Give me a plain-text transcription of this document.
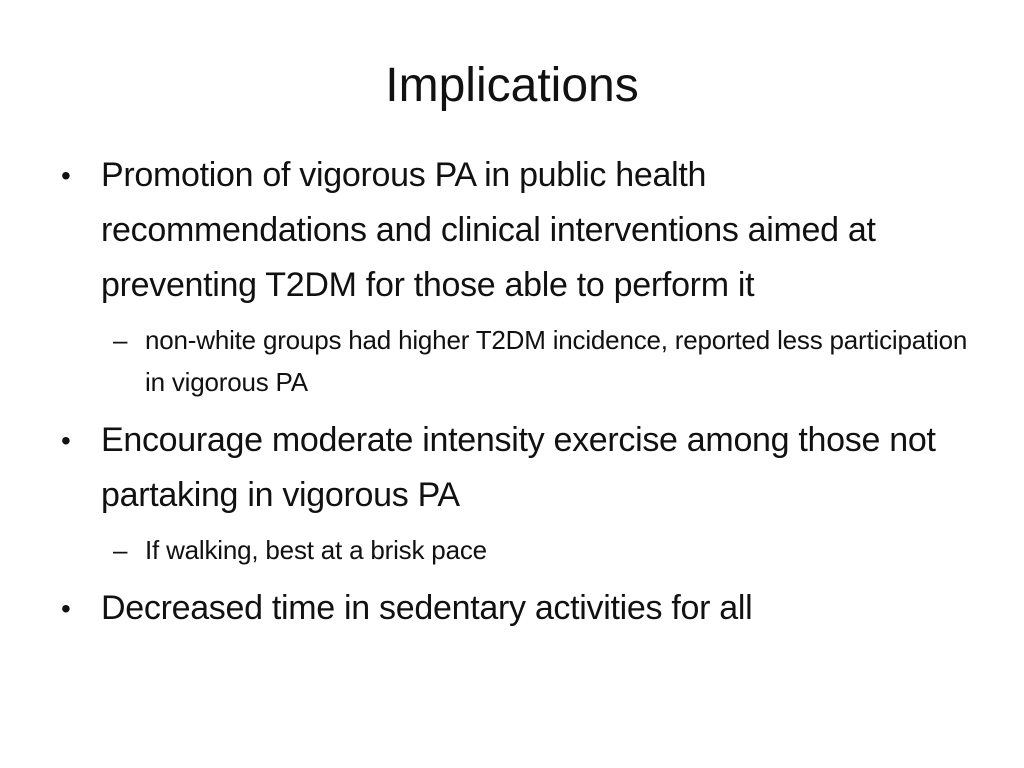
Implications
• Promotion of vigorous PA in public health recommendations and clinical interventions aimed at preventing T2DM for those able to perform it
– non-white groups had higher T2DM incidence, reported less participation in vigorous PA
• Encourage moderate intensity exercise among those not partaking in vigorous PA
– If walking, best at a brisk pace
• Decreased time in sedentary activities for all
